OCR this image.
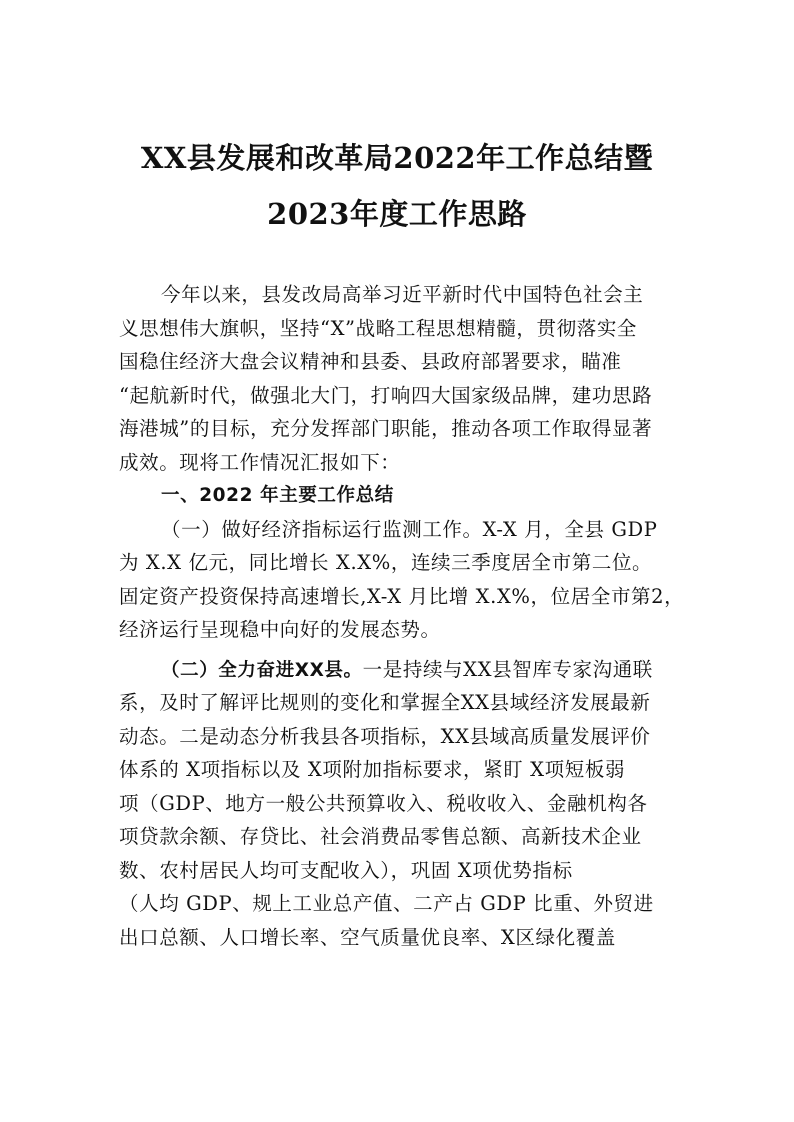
XX县发展和改革局2022年工作总结暨
2023年度工作思路
今年以来，县发改局高举习近平新时代中国特色社会主
义思想伟大旗帜，坚持“X”战略工程思想精髓，贯彻落实全
国稳住经济大盘会议精神和县委、县政府部署要求，瞄准
“起航新时代，做强北大门，打响四大国家级品牌，建功思路
海港城”的目标，充分发挥部门职能，推动各项工作取得显著
成效。现将工作情况汇报如下：
一、2022 年主要工作总结
（一）做好经济指标运行监测工作。X-X 月，全县 GDP
为 X.X 亿元，同比增长 X.X%，连续三季度居全市第二位。
固定资产投资保持高速增长,X-X 月比增 X.X%，位居全市第2，
经济运行呈现稳中向好的发展态势。
（二）全力奋进XX县。一是持续与XX县智库专家沟通联
系，及时了解评比规则的变化和掌握全XX县域经济发展最新
动态。二是动态分析我县各项指标，XX县域高质量发展评价
体系的 X项指标以及 X项附加指标要求，紧盯 X项短板弱
项（GDP、地方一般公共预算收入、税收收入、金融机构各
项贷款余额、存贷比、社会消费品零售总额、高新技术企业
数、农村居民人均可支配收入），巩固 X项优势指标
（人均 GDP、规上工业总产值、二产占 GDP 比重、外贸进
出口总额、人口增长率、空气质量优良率、X区绿化覆盖
